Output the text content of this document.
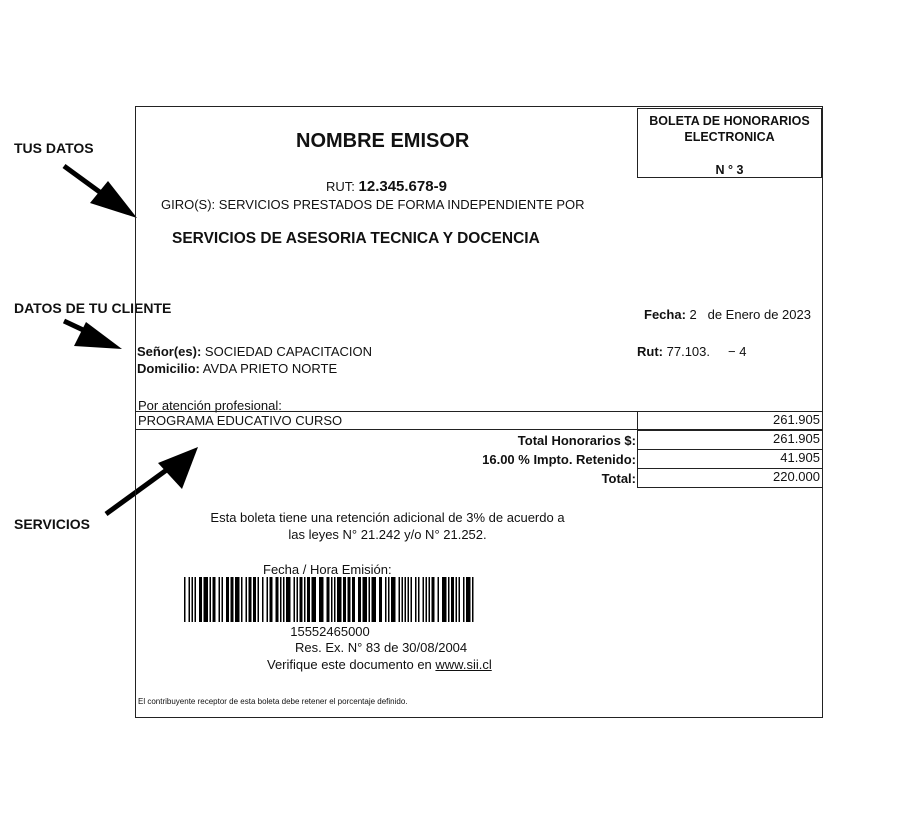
TUS DATOS
DATOS DE TU CLIENTE
SERVICIOS
BOLETA DE HONORARIOS
ELECTRONICA
N ° 3
NOMBRE EMISOR
RUT: 12.345.678-9
GIRO(S): SERVICIOS PRESTADOS DE FORMA INDEPENDIENTE POR
SERVICIOS DE ASESORIA TECNICA Y DOCENCIA
Fecha: 2   de Enero de 2023
Señor(es): SOCIEDAD CAPACITACION
Domicilio: AVDA PRIETO NORTE
Rut: 77.103.     − 4
Por atención profesional:
PROGRAMA EDUCATIVO CURSO	261.905
Total Honorarios $:	261.905
16.00 % Impto. Retenido:	41.905
Total:	220.000
Esta boleta tiene una retención adicional de 3% de acuerdo a
las leyes N° 21.242 y/o N° 21.252.
Fecha / Hora Emisión:
15552465000
Res. Ex. N° 83 de 30/08/2004
Verifique este documento en www.sii.cl
El contribuyente receptor de esta boleta debe retener el porcentaje definido.
